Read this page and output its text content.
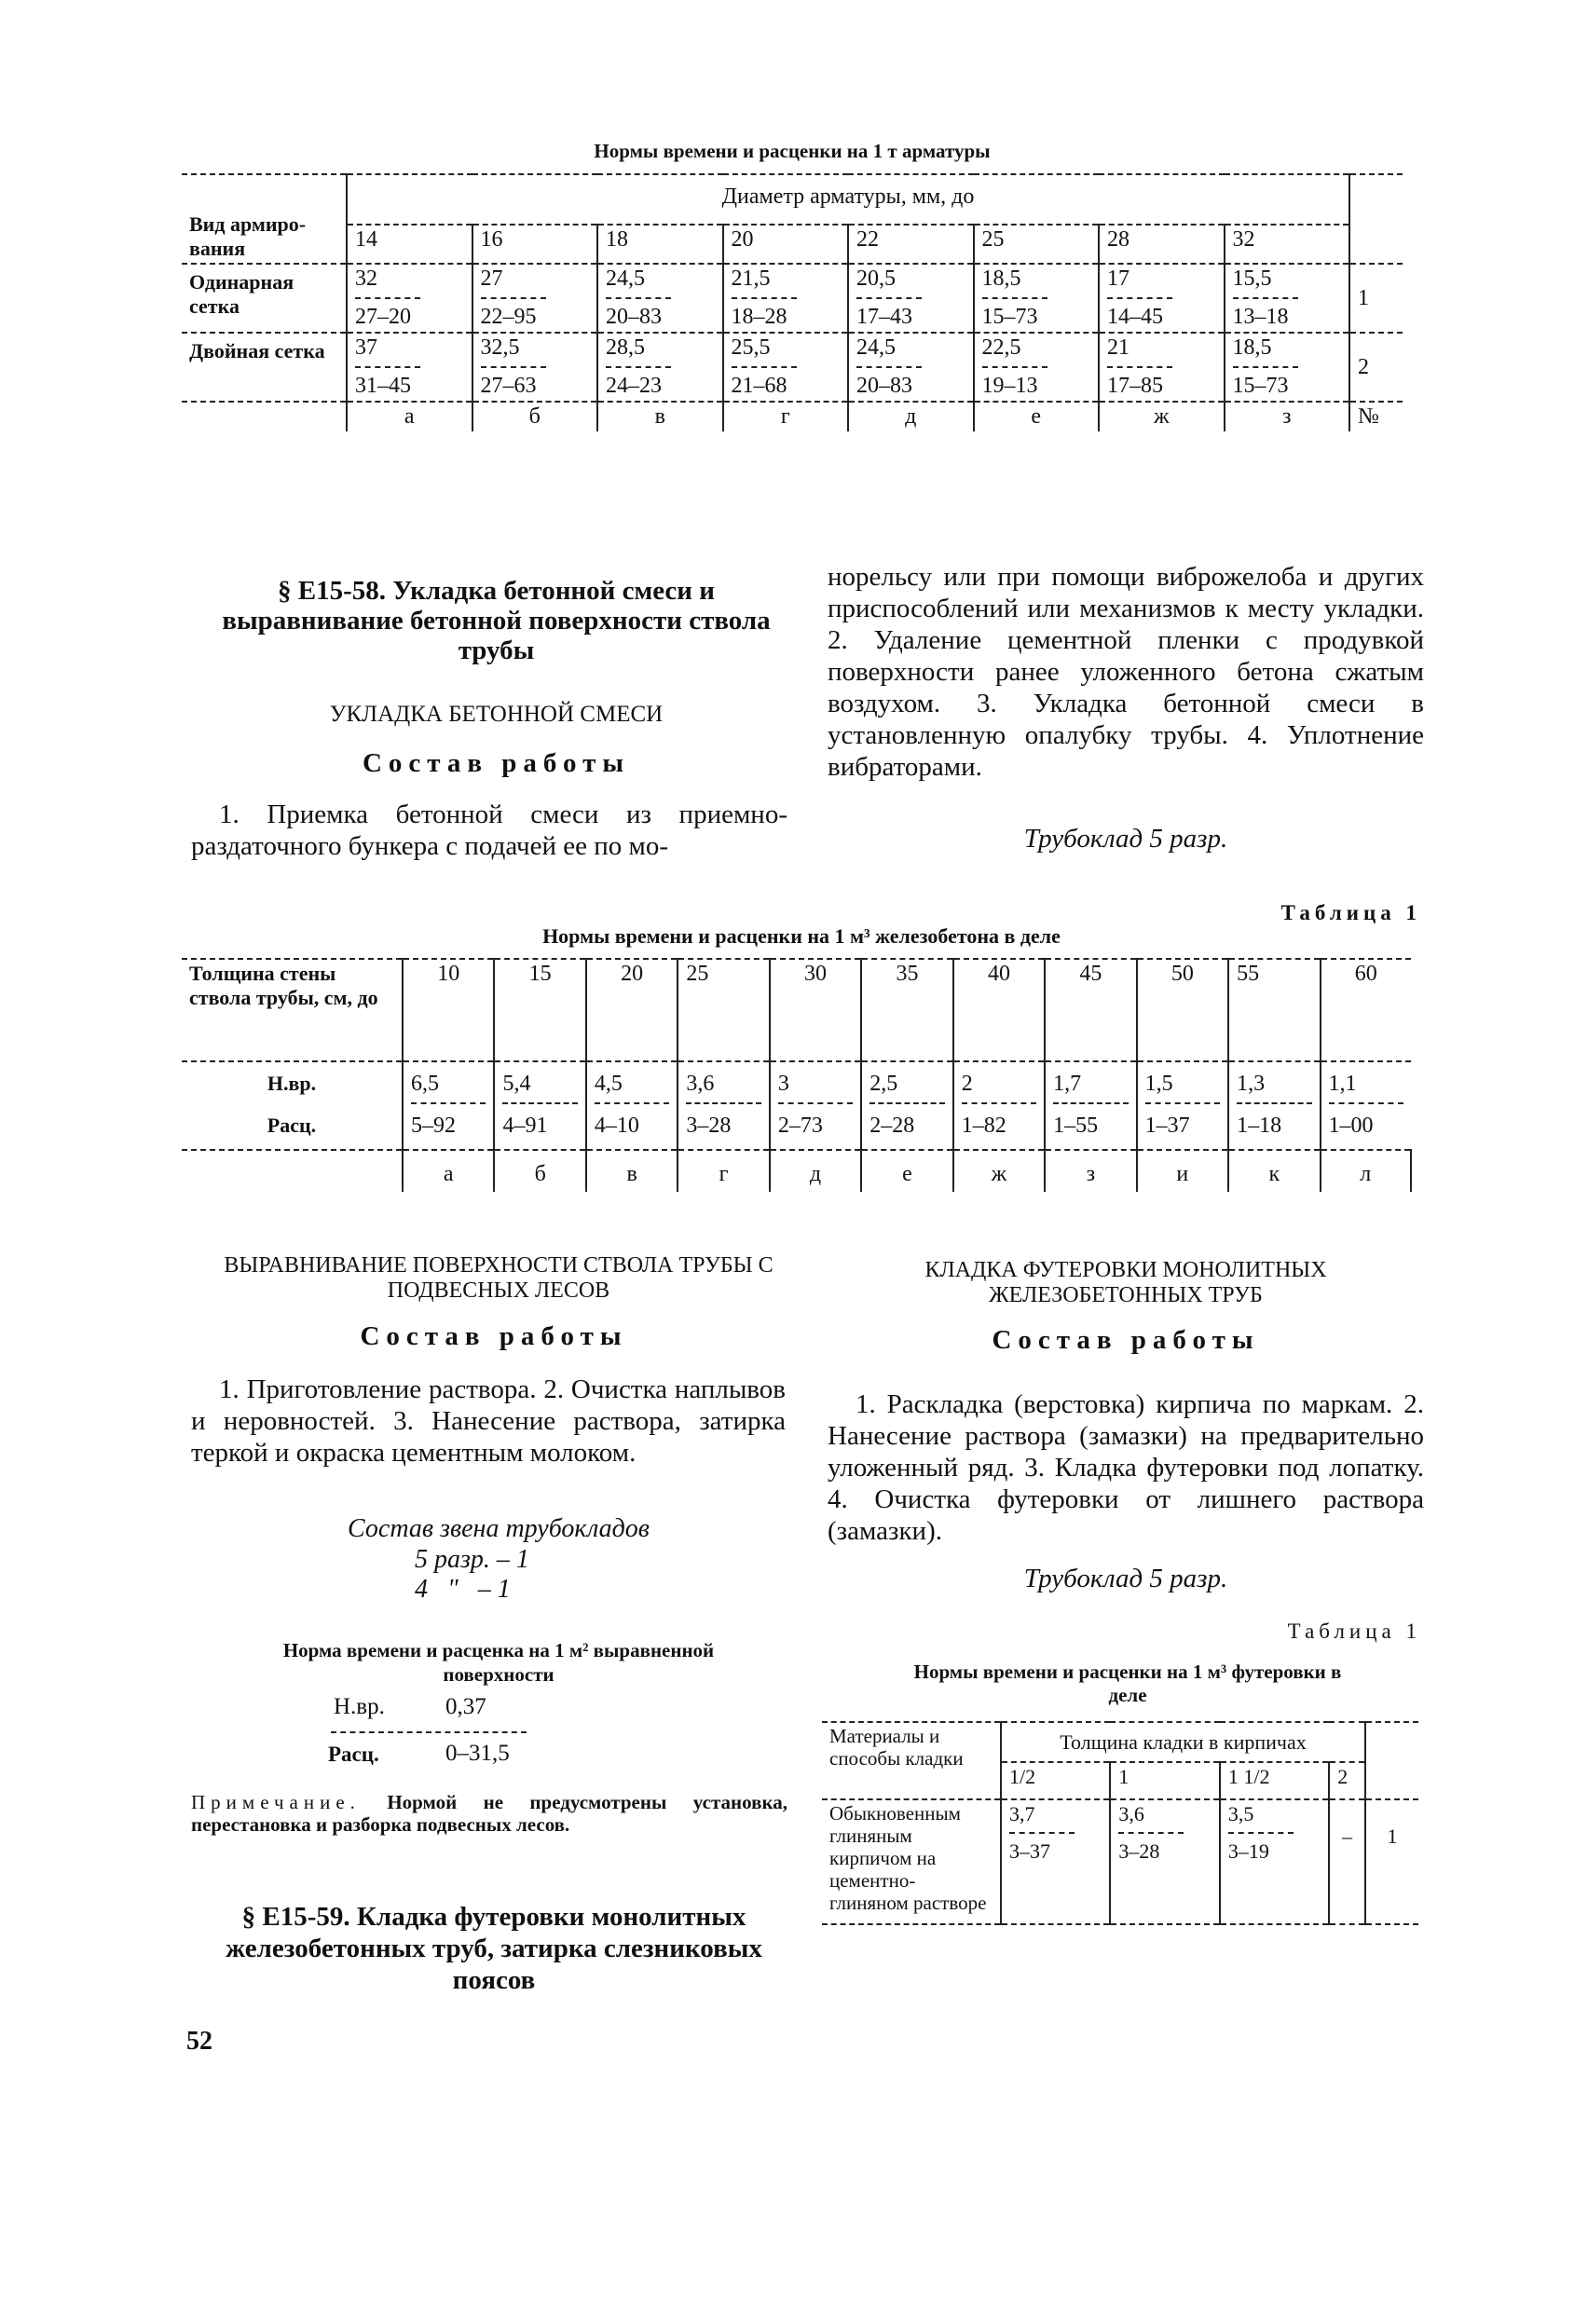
Нормы времени и расценки на 1 т арматуры
Вид армиро-вания	Диаметр арматуры, мм, до								
	14	16	18	20	22	25	28	32	
Одинарная сетка	$\frac{32}{27-20}$	$\frac{27}{22-95}$	$\frac{24,5}{20-83}$	$\frac{21,5}{18-28}$	$\frac{20,5}{17-43}$	$\frac{18,5}{15-73}$	$\frac{17}{14-45}$	$\frac{15,5}{13-18}$	1
Двойная сетка	$\frac{37}{31-45}$	$\frac{32,5}{27-63}$	$\frac{28,5}{24-23}$	$\frac{25,5}{21-68}$	$\frac{24,5}{20-83}$	$\frac{22,5}{19-13}$	$\frac{21}{17-85}$	$\frac{18,5}{15-73}$	2
	а	б	в	г	д	е	ж	з	№
§ Е15-58. Укладка бетонной смеси и выравнивание бетонной поверхности ствола трубы
УКЛАДКА БЕТОННОЙ СМЕСИ
Состав работы
1. Приемка бетонной смеси из приемно-раздаточного бункера с подачей ее по мо-
норельсу или при помощи виброжелоба и других приспособлений или механизмов к месту укладки. 2. Удаление цементной пленки с продувкой поверхности ранее уложенного бетона сжатым воздухом. 3. Укладка бетонной смеси в установленную опалубку трубы. 4. Уплотнение вибраторами.
Трубоклад 5 разр.
Таблица 1
Нормы времени и расценки на 1 м³ железобетона в деле
Толщина стены ствола трубы, см, до	10	15	20	25	30	35	40	45	50	55	60
Н.вр.	6,5	5,4	4,5	3,6	3	2,5	2	1,7	1,5	1,3	1,1

Расц.	5–92	4–91	4–10	3–28	2–73	2–28	1–82	1–55	1–37	1–18	1–00
	а	б	в	г	д	е	ж	з	и	к	л
ВЫРАВНИВАНИЕ ПОВЕРХНОСТИ СТВОЛА ТРУБЫ С ПОДВЕСНЫХ ЛЕСОВ
Состав работы
1. Приготовление раствора. 2. Очистка наплывов и неровностей. 3. Нанесение раствора, затирка теркой и окраска цементным молоком.
Состав звена трубокладов
5 разр. – 1
4   "   – 1
Норма времени и расценка на 1 м² выравненной поверхности
Н.вр.	0,37
Расц.	0–31,5
Примечание. Нормой не предусмотрены установка, перестановка и разборка подвесных лесов.
§ Е15-59. Кладка футеровки монолитных железобетонных труб, затирка слезниковых поясов
КЛАДКА ФУТЕРОВКИ МОНОЛИТНЫХ ЖЕЛЕЗОБЕТОННЫХ ТРУБ
Состав работы
1. Раскладка (верстовка) кирпича по маркам. 2. Нанесение раствора (замазки) на предварительно уложенный ряд. 3. Кладка футеровки под лопатку. 4. Очистка футеровки от лишнего раствора (замазки).
Трубоклад 5 разр.
Таблица 1
Нормы времени и расценки на 1 м³ футеровки в деле
Материалы и способы кладки	Толщина кладки в кирпичах				
	1/2	1	1 1/2	2	
Обыкновенным глиняным кирпичом на цементно-глиняном растворе	$\frac{3,7}{3-37}$	$\frac{3,6}{3-28}$	$\frac{3,5}{3-19}$	–	1
52
